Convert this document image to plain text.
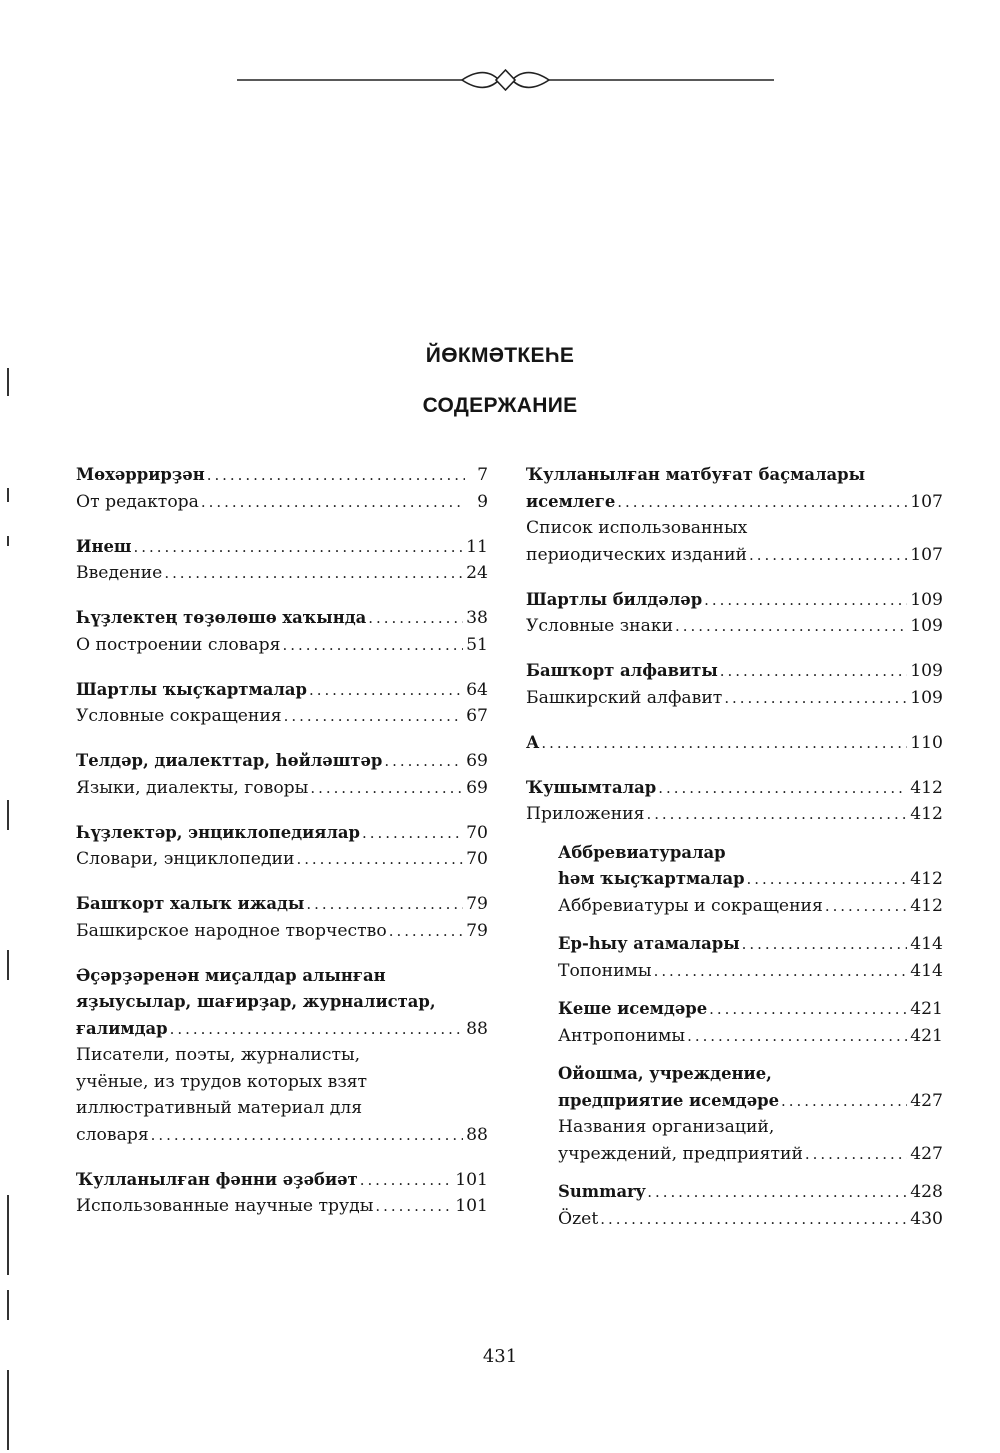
ЙӨКМӘТКЕҺЕ
СОДЕРЖАНИЕ
Мөхәррирҙән . . .	7
От редактора . . .	9
Инеш . . .	11
Введение . . .	24
Һүҙлектең төҙөлөшө хаҡында . . .	38
О построении словаря . . .	51
Шартлы ҡыҫҡартмалар . . .	64
Условные сокращения . . .	67
Телдәр, диалекттар, һөйләштәр . . .	69
Языки, диалекты, говоры . . .	69
Һүҙлектәр, энциклопедиялар . . .	70
Словари, энциклопедии . . .	70
Башҡорт халыҡ ижады . . .	79
Башкирское народное творчество . . .	79
Әҫәрҙәренән миҫалдар алынған
яҙыусылар, шағирҙар, журналистар,
ғалимдар . . .	88
Писатели, поэты, журналисты,
учёные, из трудов которых взят
иллюстративный материал для
словаря . . .	88
Ҡулланылған фәнни әҙәбиәт . . .	101
Использованные научные труды . . .	101
Ҡулланылған матбуғат баҫмалары
исемлеге . . .	107
Список использованных
периодических изданий . . .	107
Шартлы билдәләр . . .	109
Условные знаки . . .	109
Башҡорт алфавиты . . .	109
Башкирский алфавит . . .	109
А . . .	110
Ҡушымталар . . .	412
Приложения . . .	412
Аббревиатуралар
һәм ҡыҫҡартмалар . . .	412
Аббревиатуры и сокращения . . .	412
Ер-һыу атамалары . . .	414
Топонимы . . .	414
Кеше исемдәре . . .	421
Антропонимы . . .	421
Ойошма, учреждение,
предприятие исемдәре . . .	427
Названия организаций,
учреждений, предприятий . . .	427
Summary . . .	428
Özet . . .	430
431
